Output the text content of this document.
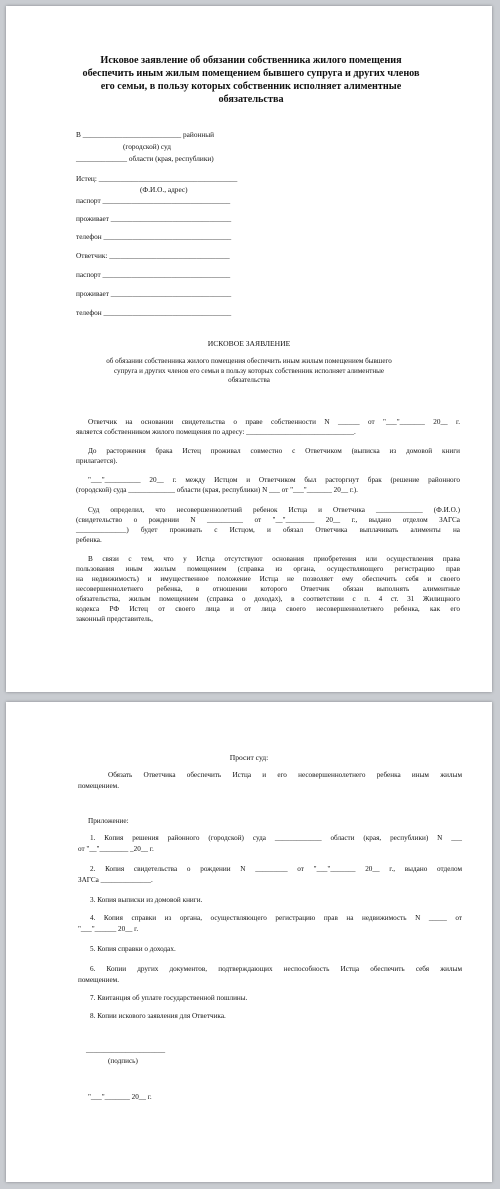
Исковое заявление об обязании собственника жилого помещения
обеспечить иным жилым помещением бывшего супруга и других членов
его семьи, в пользу которых собственник исполняет алиментные
обязательства
В ___________________________ районный
(городской) суд
______________ области (края, республики)
Истец: ______________________________________
(Ф.И.О., адрес)
паспорт ___________________________________
проживает _________________________________
телефон ___________________________________
Ответчик: _________________________________
паспорт ___________________________________
проживает _________________________________
телефон ___________________________________
ИСКОВОЕ ЗАЯВЛЕНИЕ
об обязании собственника жилого помещения обеспечить иным жилым помещением бывшего
супруга и других членов его семьи в пользу которых собственник исполняет алиментные
обязательства
Ответчик на основании свидетельства о праве собственности N ______ от "___"_______ 20__ г.
является собственником жилого помещения по адресу: ______________________________.
До расторжения брака Истец проживал совместно с Ответчиком (выписка из домовой книги
прилагается).
"___"__________ 20__ г. между Истцом и Ответчиком был расторгнут брак (решение районного
(городской) суда _____________ области (края, республики) N ___ от "___"_______ 20__ г.).
Суд определил, что несовершеннолетний ребенок Истца и Ответчика _____________ (Ф.И.О.)
(свидетельство о рождении N __________ от "__"________ 20__ г., выдано отделом ЗАГСа
______________) будет проживать с Истцом, и обязал Ответчика выплачивать алименты на
ребенка.
В связи с тем, что у Истца отсутствуют основания приобретения или осуществления права
пользования иным жилым помещением (справка из органа, осуществляющего регистрацию прав
на недвижимость) и имущественное положение Истца не позволяет ему обеспечить себя и своего
несовершеннолетнего ребенка, в отношении которого Ответчик обязан выполнять алиментные
обязательства, жилым помещением (справка о доходах), в соответствии с п. 4 ст. 31 Жилищного
кодекса РФ Истец от своего лица и от лица своего несовершеннолетнего ребенка, как его
законный представитель,
Просит суд:
Обязать Ответчика обеспечить Истца и его несовершеннолетнего ребенка иным жилым
помещением.
Приложение:
1. Копия решения районного (городской) суда _____________ области (края, республики) N ___
от "__"________ _20__ г.
2. Копия свидетельства о рождении N _________ от "___"_______ 20__ г., выдано отделом
ЗАГСа ______________.
3. Копия выписки из домовой книги.
4. Копия справки из органа, осуществляющего регистрацию прав на недвижимость N _____ от
"___"______ 20__ г.
5. Копия справки о доходах.
6. Копии других документов, подтверждающих неспособность Истца обеспечить себя жилым
помещением.
7. Квитанция об уплате государственной пошлины.
8. Копии искового заявления для Ответчика.
______________________
(подпись)
"___"_______ 20__ г.
